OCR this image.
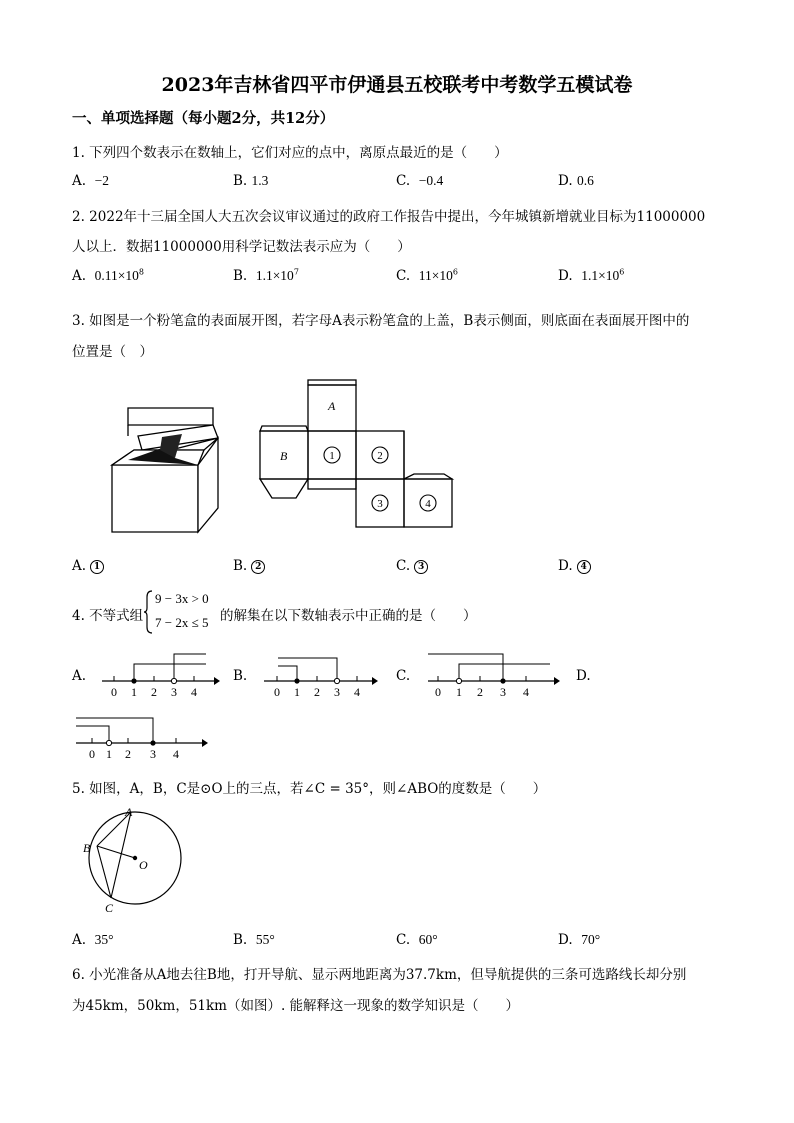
2023年吉林省四平市伊通县五校联考中考数学五模试卷
一、单项选择题（每小题2分，共12分）
1. 下列四个数表示在数轴上，它们对应的点中，离原点最近的是（　　）
A. −2	B. 1.3	C. −0.4	D. 0.6
2. 2022年十三届全国人大五次会议审议通过的政府工作报告中提出，今年城镇新增就业目标为11000000
人以上．数据11000000用科学记数法表示应为（　　）
A. $0.11\times 10^8$	B. $1.1\times 10^7$	C. $11\times 10^6$	D. $1.1\times 10^6$
3. 如图是一个粉笔盒的表面展开图，若字母A表示粉笔盒的上盖，B表示侧面，则底面在表面展开图中的
位置是（　）
A
B	1	2
3	4
A. 1	B. 2	C. 3	D. 4
4. 不等式组
9 − 3x > 0
7 − 2x ≤ 5 的解集在以下数轴表示中正确的是（　　）
A.	B.	C.	D.
0 1 2 3 4	0 1 2 3 4	0 1 2 3 4
0 1 2 3 4
5. 如图，A，B，C是⊙O上的三点，若∠C = 35°，则∠ABO的度数是（　　）
A
B
C
O
A. 35°	B. 55°	C. 60°	D. 70°
6. 小光准备从A地去往B地，打开导航、显示两地距离为37.7km，但导航提供的三条可选路线长却分别
为45km，50km，51km（如图）. 能解释这一现象的数学知识是（　　）
